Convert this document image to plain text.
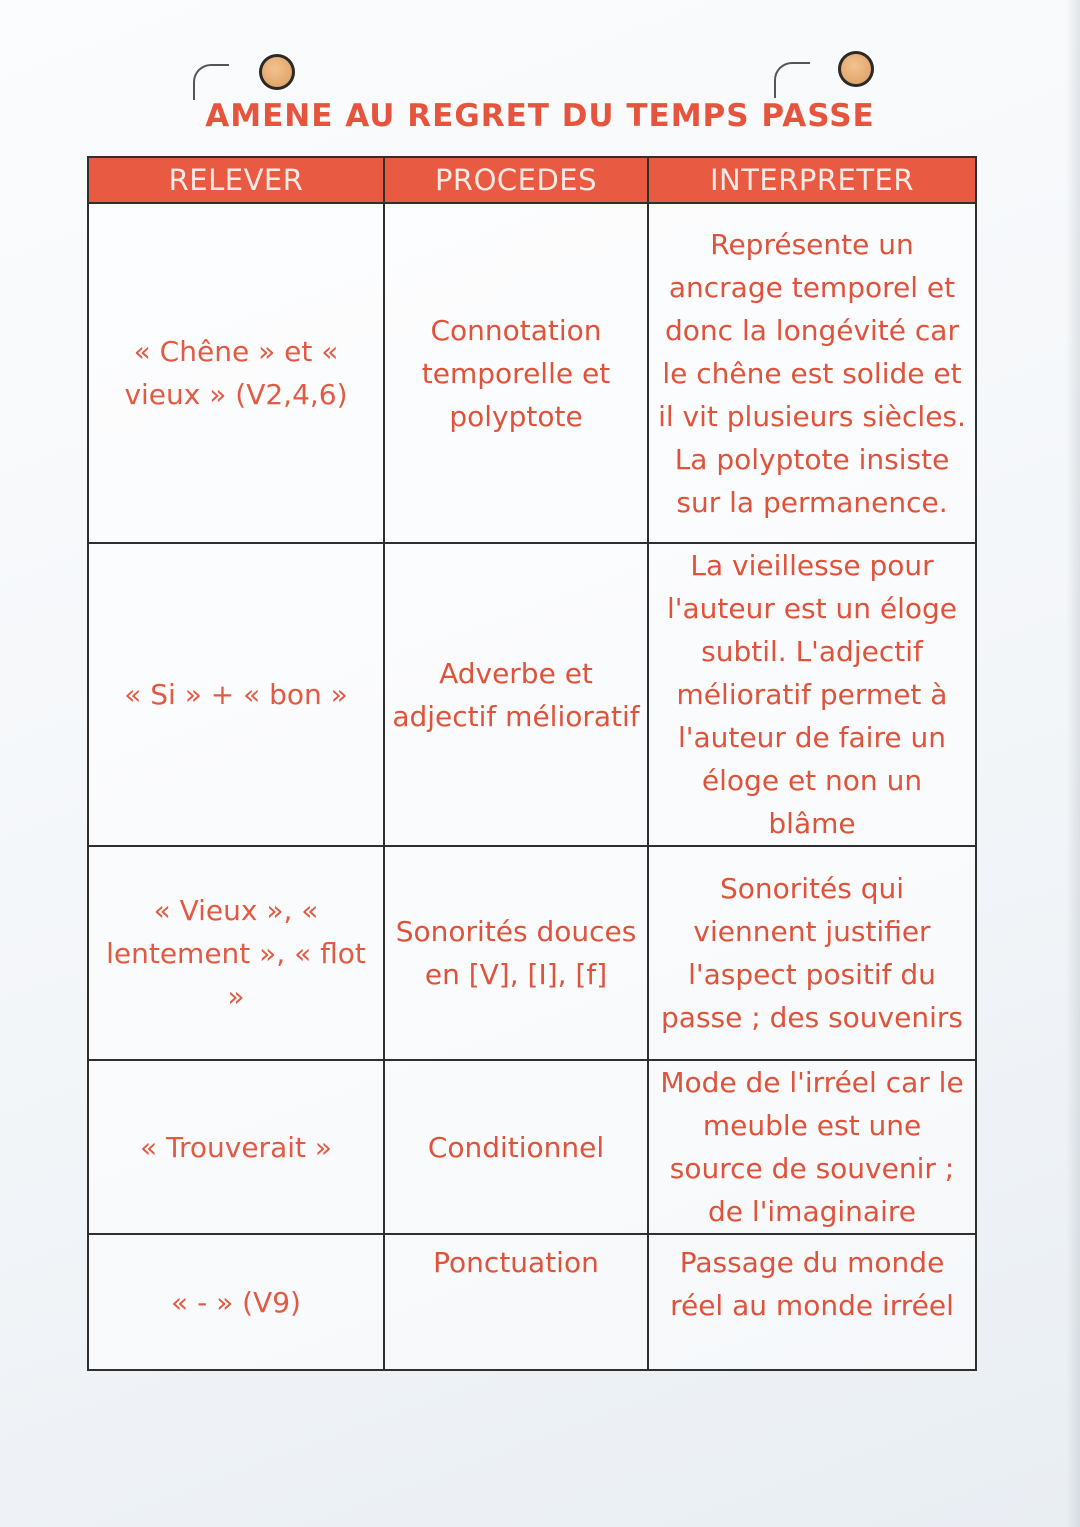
AMENE AU REGRET DU TEMPS PASSE
RELEVER	PROCEDES	INTERPRETER
« Chêne » et « vieux » (V2,4,6)	Connotation temporelle et polyptote	Représente un ancrage temporel et donc la longévité car le chêne est solide et il vit plusieurs siècles. La polyptote insiste sur la permanence.
« Si » + « bon »	Adverbe et adjectif mélioratif	La vieillesse pour l'auteur est un éloge subtil. L'adjectif mélioratif permet à l'auteur de faire un éloge et non un blâme
« Vieux », « lentement », « flot »	Sonorités douces en [V], [I], [f]	Sonorités qui viennent justifier l'aspect positif du passe ; des souvenirs
« Trouverait »	Conditionnel	Mode de l'irréel car le meuble est une source de souvenir ; de l'imaginaire
« - » (V9)	Ponctuation	Passage du monde réel au monde irréel
